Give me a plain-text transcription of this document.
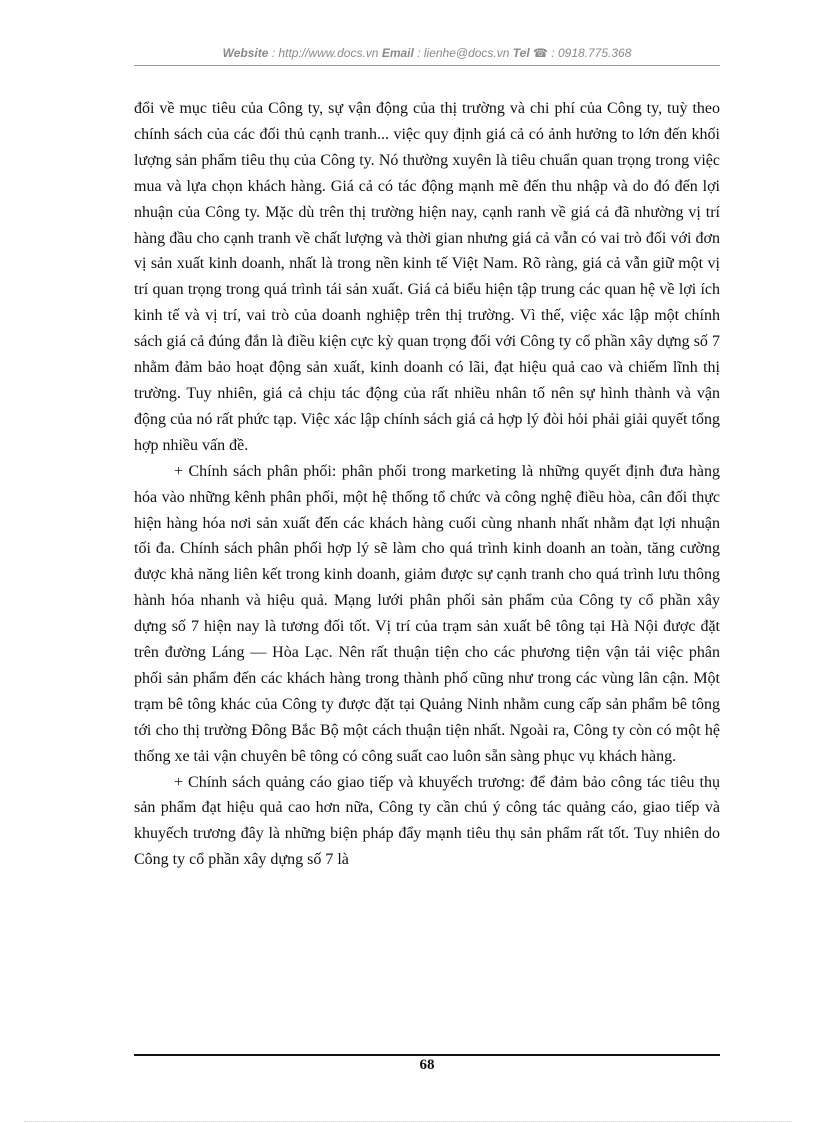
Website : http://www.docs.vn Email : lienhe@docs.vn Tel ☎ : 0918.775.368

đổi về mục tiêu của Công ty, sự vận động của thị trường và chi phí của Công ty, tuỳ theo chính sách của các đối thủ cạnh tranh... việc quy định giá cả có ảnh hưởng to lớn đến khối lượng sản phẩm tiêu thụ của Công ty. Nó thường xuyên là tiêu chuẩn quan trọng trong việc mua và lựa chọn khách hàng. Giá cả có tác động mạnh mẽ đến thu nhập và do đó đến lợi nhuận của Công ty. Mặc dù trên thị trường hiện nay, cạnh ranh về giá cả đã nhường vị trí hàng đầu cho cạnh tranh về chất lượng và thời gian nhưng giá cả vẫn có vai trò đối với đơn vị sản xuất kinh doanh, nhất là trong nền kinh tế Việt Nam. Rõ ràng, giá cả vẫn giữ một vị trí quan trọng trong quá trình tái sản xuất. Giá cả biểu hiện tập trung các quan hệ về lợi ích kinh tế và vị trí, vai trò của doanh nghiệp trên thị trường. Vì thế, việc xác lập một chính sách giá cả đúng đắn là điều kiện cực kỳ quan trọng đối với Công ty cổ phần xây dựng số 7 nhằm đảm bảo hoạt động sản xuất, kinh doanh có lãi, đạt hiệu quả cao và chiếm lĩnh thị trường. Tuy nhiên, giá cả chịu tác động của rất nhiều nhân tố nên sự hình thành và vận động của nó rất phức tạp. Việc xác lập chính sách giá cả hợp lý đòi hỏi phải giải quyết tổng hợp nhiều vấn đề.

+ Chính sách phân phối: phân phối trong marketing là những quyết định đưa hàng hóa vào những kênh phân phối, một hệ thống tổ chức và công nghệ điều hòa, cân đối thực hiện hàng hóa nơi sản xuất đến các khách hàng cuối cùng nhanh nhất nhằm đạt lợi nhuận tối đa. Chính sách phân phối hợp lý sẽ làm cho quá trình kinh doanh an toàn, tăng cường được khả năng liên kết trong kinh doanh, giảm được sự cạnh tranh cho quá trình lưu thông hành hóa nhanh và hiệu quả. Mạng lưới phân phối sản phẩm của Công ty cổ phần xây dựng số 7 hiện nay là tương đối tốt. Vị trí của trạm sản xuất bê tông tại Hà Nội được đặt trên đường Láng — Hòa Lạc. Nên rất thuận tiện cho các phương tiện vận tải việc phân phối sản phẩm đến các khách hàng trong thành phố cũng như trong các vùng lân cận. Một trạm bê tông khác của Công ty được đặt tại Quảng Ninh nhằm cung cấp sản phẩm bê tông tới cho thị trường Đông Bắc Bộ một cách thuận tiện nhất. Ngoài ra, Công ty còn có một hệ thống xe tải vận chuyên bê tông có công suất cao luôn sẵn sàng phục vụ khách hàng.

+ Chính sách quảng cáo giao tiếp và khuyếch trương: để đảm bảo công tác tiêu thụ sản phẩm đạt hiệu quả cao hơn nữa, Công ty cần chú ý công tác quảng cáo, giao tiếp và khuyếch trương đây là những biện pháp đẩy mạnh tiêu thụ sản phẩm rất tốt. Tuy nhiên do Công ty cổ phần xây dựng số 7 là

68
